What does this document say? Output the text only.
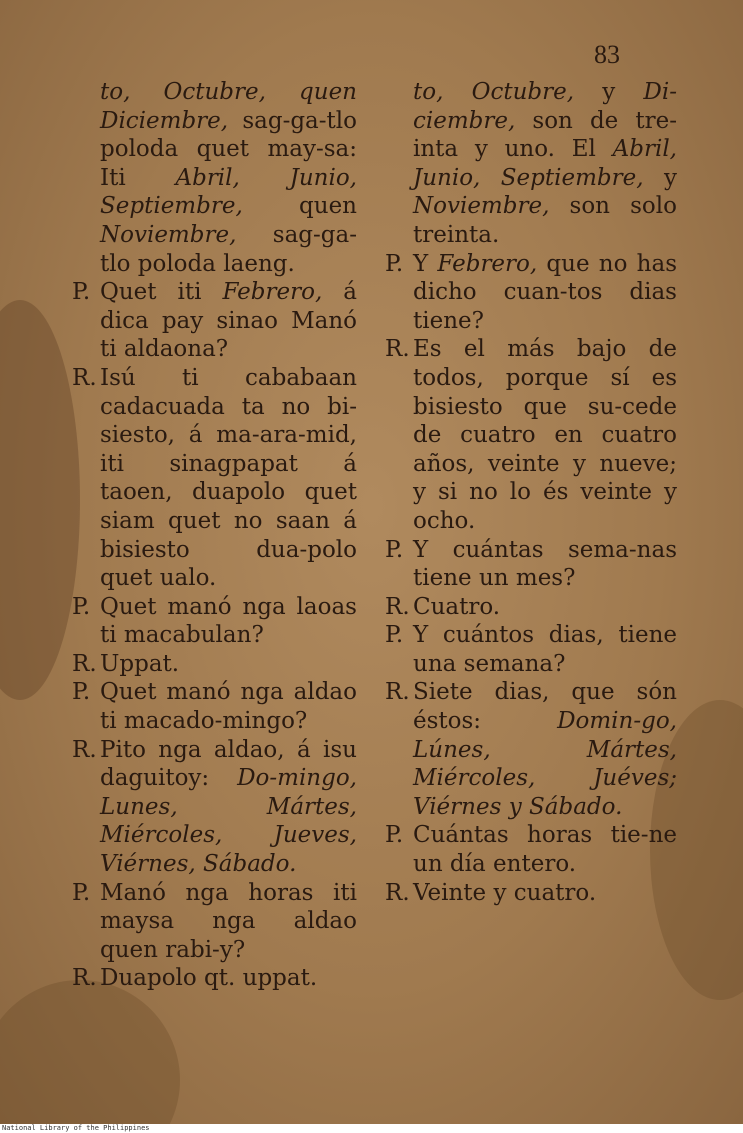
83
to, Octubre, quen Diciembre, sag-ga-tlo poloda quet may-sa: Iti Abril, Junio, Septiembre, quen Noviembre, sag-ga-tlo poloda laeng.
P. Quet iti Febrero, á dica pay sinao Manó ti aldaona?
R. Isú ti cababaan cadacuada ta no bi-siesto, á ma-ara-mid, iti sinagpapat á taoen, duapolo quet siam quet no saan á bisiesto dua-polo quet ualo.
P. Quet manó nga laoas ti macabulan?
R. Uppat.
P. Quet manó nga aldao ti macado-mingo?
R. Pito nga aldao, á isu daguitoy: Do-mingo, Lunes, Mártes, Miércoles, Jueves, Viérnes, Sábado.
P. Manó nga horas iti maysa nga aldao quen rabi-y?
R. Duapolo qt. uppat.
to, Octubre, y Di-ciembre, son de tre-inta y uno. El Abril, Junio, Septiembre, y Noviembre, son solo treinta.
P. Y Febrero, que no has dicho cuan-tos dias tiene?
R. Es el más bajo de todos, porque sí es bisiesto que su-cede de cuatro en cuatro años, veinte y nueve; y si no lo és veinte y ocho.
P. Y cuántas sema-nas tiene un mes?
R. Cuatro.
P. Y cuántos dias, tiene una semana?
R. Siete dias, que són éstos: Domin-go, Lúnes, Mártes, Miércoles, Juéves; Viérnes y Sábado.
P. Cuántas horas tie-ne un día entero.
R. Veinte y cuatro.
National Library of the Philippines
